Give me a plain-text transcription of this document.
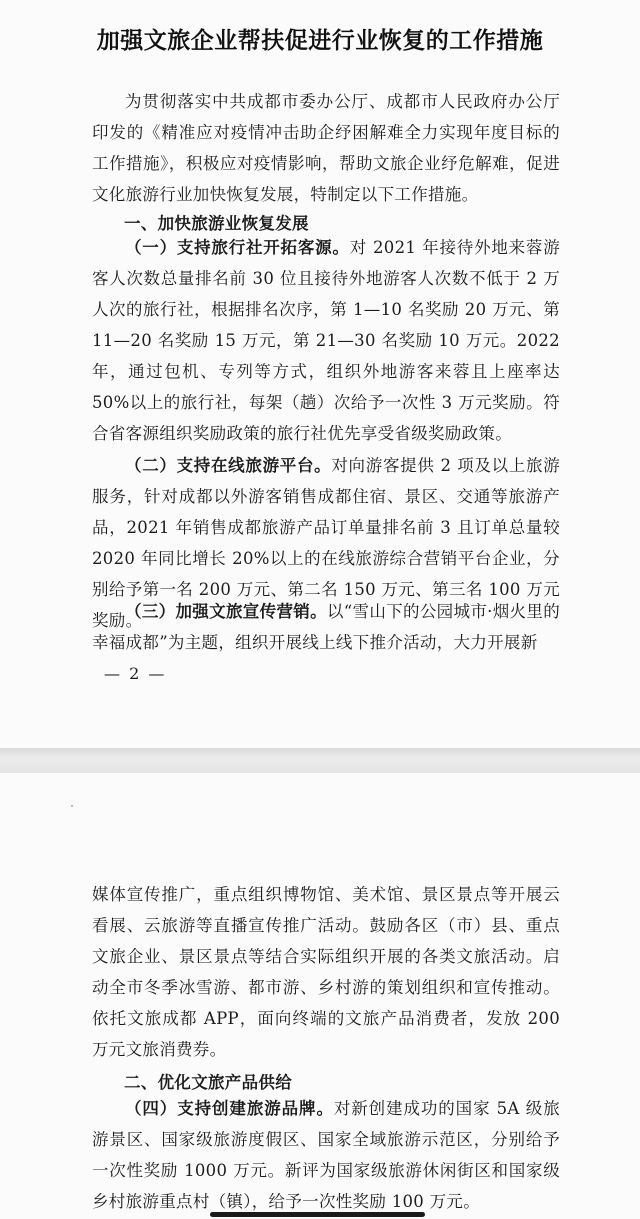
加强文旅企业帮扶促进行业恢复的工作措施

为贯彻落实中共成都市委办公厅、成都市人民政府办公厅印发的《精准应对疫情冲击助企纾困解难全力实现年度目标的工作措施》，积极应对疫情影响，帮助文旅企业纾危解难，促进文化旅游行业加快恢复发展，特制定以下工作措施。

一、加快旅游业恢复发展

（一）支持旅行社开拓客源。对 2021 年接待外地来蓉游客人次数总量排名前 30 位且接待外地游客人次数不低于 2 万人次的旅行社，根据排名次序，第 1—10 名奖励 20 万元、第 11—20 名奖励 15 万元，第 21—30 名奖励 10 万元。2022 年，通过包机、专列等方式，组织外地游客来蓉且上座率达 50%以上的旅行社，每架（趟）次给予一次性 3 万元奖励。符合省客源组织奖励政策的旅行社优先享受省级奖励政策。

（二）支持在线旅游平台。对向游客提供 2 项及以上旅游服务，针对成都以外游客销售成都住宿、景区、交通等旅游产品，2021 年销售成都旅游产品订单量排名前 3 且订单总量较 2020 年同比增长 20%以上的在线旅游综合营销平台企业，分别给予第一名 200 万元、第二名 150 万元、第三名 100 万元奖励。

（三）加强文旅宣传营销。以“雪山下的公园城市·烟火里的幸福成都”为主题，组织开展线上线下推介活动，大力开展新

— 2 —

媒体宣传推广，重点组织博物馆、美术馆、景区景点等开展云看展、云旅游等直播宣传推广活动。鼓励各区（市）县、重点文旅企业、景区景点等结合实际组织开展的各类文旅活动。启动全市冬季冰雪游、都市游、乡村游的策划组织和宣传推动。依托文旅成都 APP，面向终端的文旅产品消费者，发放 200 万元文旅消费券。

二、优化文旅产品供给

（四）支持创建旅游品牌。对新创建成功的国家 5A 级旅游景区、国家级旅游度假区、国家全域旅游示范区，分别给予一次性奖励 1000 万元。新评为国家级旅游休闲街区和国家级乡村旅游重点村（镇），给予一次性奖励 100 万元。
